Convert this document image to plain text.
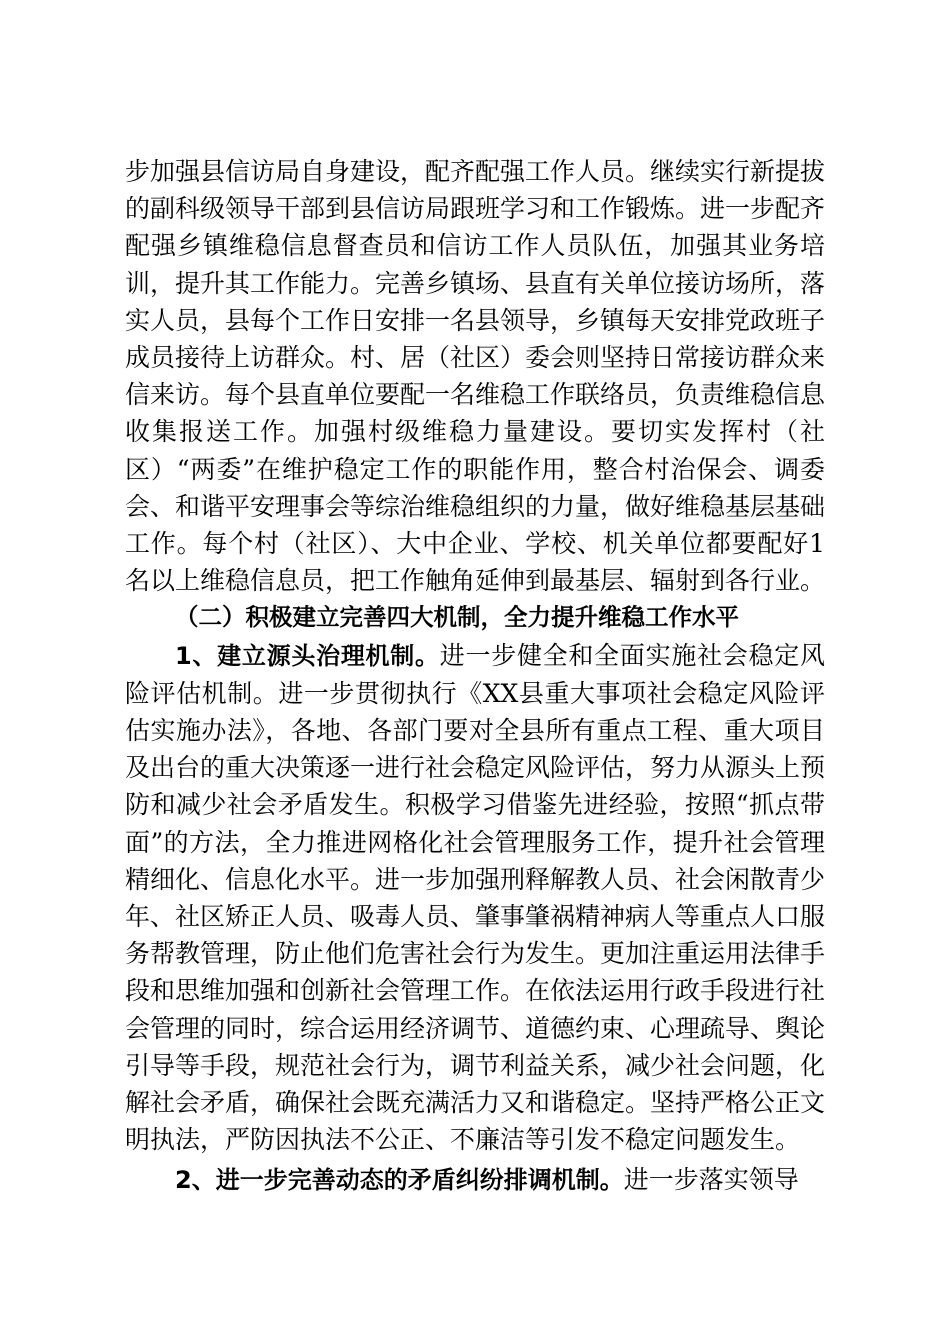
步加强县信访局自身建设，配齐配强工作人员。继续实行新提拔的副科级领导干部到县信访局跟班学习和工作锻炼。进一步配齐配强乡镇维稳信息督查员和信访工作人员队伍，加强其业务培训，提升其工作能力。完善乡镇场、县直有关单位接访场所，落实人员，县每个工作日安排一名县领导，乡镇每天安排党政班子成员接待上访群众。村、居（社区）委会则坚持日常接访群众来信来访。每个县直单位要配一名维稳工作联络员，负责维稳信息收集报送工作。加强村级维稳力量建设。要切实发挥村（社区）“两委”在维护稳定工作的职能作用，整合村治保会、调委会、和谐平安理事会等综治维稳组织的力量，做好维稳基层基础工作。每个村（社区）、大中企业、学校、机关单位都要配好1名以上维稳信息员，把工作触角延伸到最基层、辐射到各行业。

（二）积极建立完善四大机制，全力提升维稳工作水平

1、建立源头治理机制。进一步健全和全面实施社会稳定风险评估机制。进一步贯彻执行《XX县重大事项社会稳定风险评估实施办法》，各地、各部门要对全县所有重点工程、重大项目及出台的重大决策逐一进行社会稳定风险评估，努力从源头上预防和减少社会矛盾发生。积极学习借鉴先进经验，按照“抓点带面”的方法，全力推进网格化社会管理服务工作，提升社会管理精细化、信息化水平。进一步加强刑释解教人员、社会闲散青少年、社区矫正人员、吸毒人员、肇事肇祸精神病人等重点人口服务帮教管理，防止他们危害社会行为发生。更加注重运用法律手段和思维加强和创新社会管理工作。在依法运用行政手段进行社会管理的同时，综合运用经济调节、道德约束、心理疏导、舆论引导等手段，规范社会行为，调节利益关系，减少社会问题，化解社会矛盾，确保社会既充满活力又和谐稳定。坚持严格公正文明执法，严防因执法不公正、不廉洁等引发不稳定问题发生。

2、进一步完善动态的矛盾纠纷排调机制。进一步落实领导
